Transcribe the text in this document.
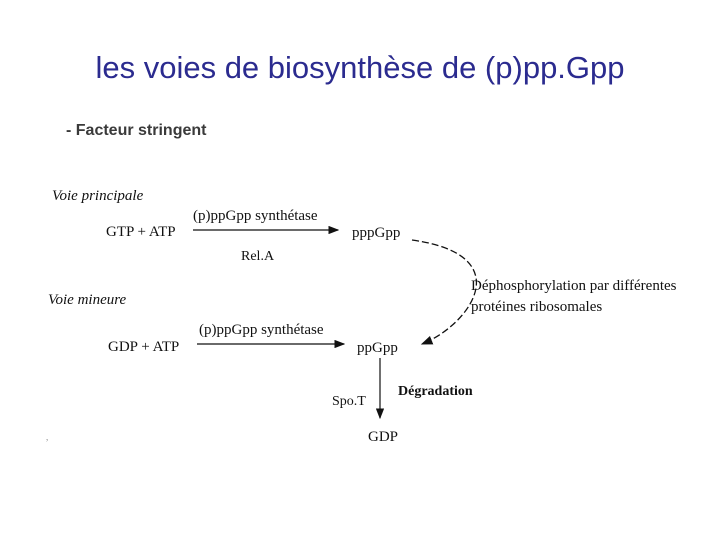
les voies de biosynthèse de (p)pp.Gpp
- Facteur stringent
Voie principale
GTP + ATP
(p)ppGpp synthétase
pppGpp
Rel.A
Voie mineure
GDP + ATP
(p)ppGpp synthétase
ppGpp
Déphosphorylation par différentes
protéines ribosomales
Spo.T
Dégradation
GDP
,
